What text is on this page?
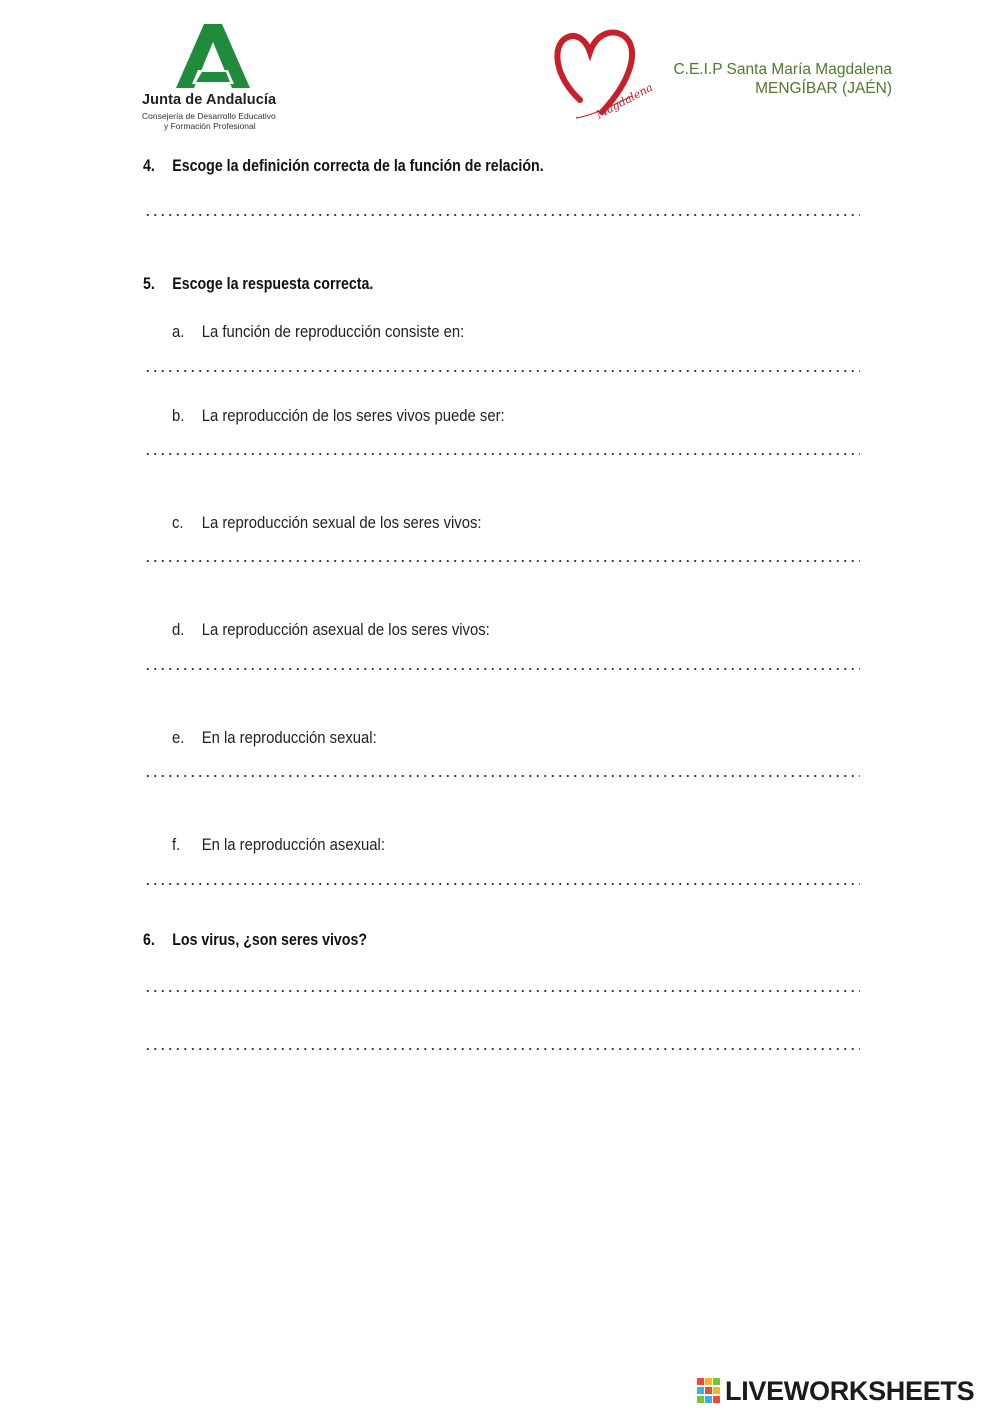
Junta de Andalucía
Consejería de Desarrollo Educativo
y Formación Profesional
Magdalena
C.E.I.P Santa María Magdalena
MENGÍBAR (JAÉN)
4. Escoge la definición correcta de la función de relación.
5. Escoge la respuesta correcta.
a. La función de reproducción consiste en:
b. La reproducción de los seres vivos puede ser:
c. La reproducción sexual de los seres vivos:
d. La reproducción asexual de los seres vivos:
e. En la reproducción sexual:
f. En la reproducción asexual:
6. Los virus, ¿son seres vivos?
LIVEWORKSHEETS
